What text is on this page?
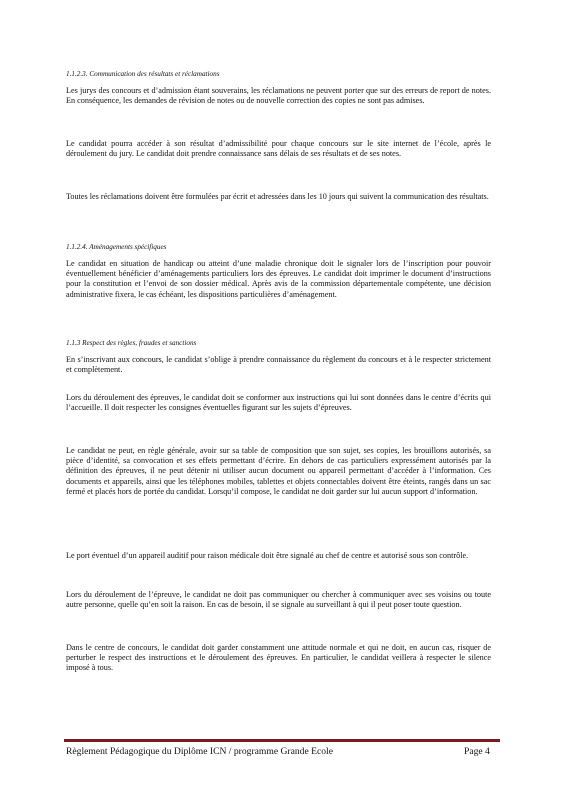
1.1.2.3. Communication des résultats et réclamations
Les jurys des concours et d’admission étant souverains, les réclamations ne peuvent porter que sur des erreurs de report de notes. En conséquence, les demandes de révision de notes ou de nouvelle correction des copies ne sont pas admises.
Le candidat pourra accéder à son résultat d’admissibilité pour chaque concours sur le site internet de l’école, après le déroulement du jury. Le candidat doit prendre connaissance sans délais de ses résultats et de ses notes.
Toutes les réclamations doivent être formulées par écrit et adressées dans les 10 jours qui suivent la communication des résultats.
1.1.2.4. Aménagements spécifiques
Le candidat en situation de handicap ou atteint d’une maladie chronique doit le signaler lors de l’inscription pour pouvoir éventuellement bénéficier d’aménagements particuliers lors des épreuves. Le candidat doit imprimer le document d’instructions pour la constitution et l’envoi de son dossier médical. Après avis de la commission départementale compétente, une décision administrative fixera, le cas échéant, les dispositions particulières d’aménagement.
1.1.3 Respect des règles, fraudes et sanctions
En s’inscrivant aux concours, le candidat s’oblige à prendre connaissance du règlement du concours et à le respecter strictement et complètement.
Lors du déroulement des épreuves, le candidat doit se conformer aux instructions qui lui sont données dans le centre d’écrits qui l’accueille. Il doit respecter les consignes éventuelles figurant sur les sujets d’épreuves.
Le candidat ne peut, en règle générale, avoir sur sa table de composition que son sujet, ses copies, les brouillons autorisés, sa pièce d’identité, sa convocation et ses effets permettant d’écrire. En dehors de cas particuliers expressément autorisés par la définition des épreuves, il ne peut détenir ni utiliser aucun document ou appareil permettant d’accéder à l’information. Ces documents et appareils, ainsi que les téléphones mobiles, tablettes et objets connectables doivent être éteints, rangés dans un sac fermé et placés hors de portée du candidat. Lorsqu’il compose, le candidat ne doit garder sur lui aucun support d’information.
Le port éventuel d’un appareil auditif pour raison médicale doit être signalé au chef de centre et autorisé sous son contrôle.
Lors du déroulement de l’épreuve, le candidat ne doit pas communiquer ou chercher à communiquer avec ses voisins ou toute autre personne, quelle qu’en soit la raison. En cas de besoin, il se signale au surveillant à qui il peut poser toute question.
Dans le centre de concours, le candidat doit garder constamment une attitude normale et qui ne doit, en aucun cas, risquer de perturber le respect des instructions et le déroulement des épreuves. En particulier, le candidat veillera à respecter le silence imposé à tous.
Règlement Pédagogique du Diplôme ICN / programme Grande Ecole	Page 4
